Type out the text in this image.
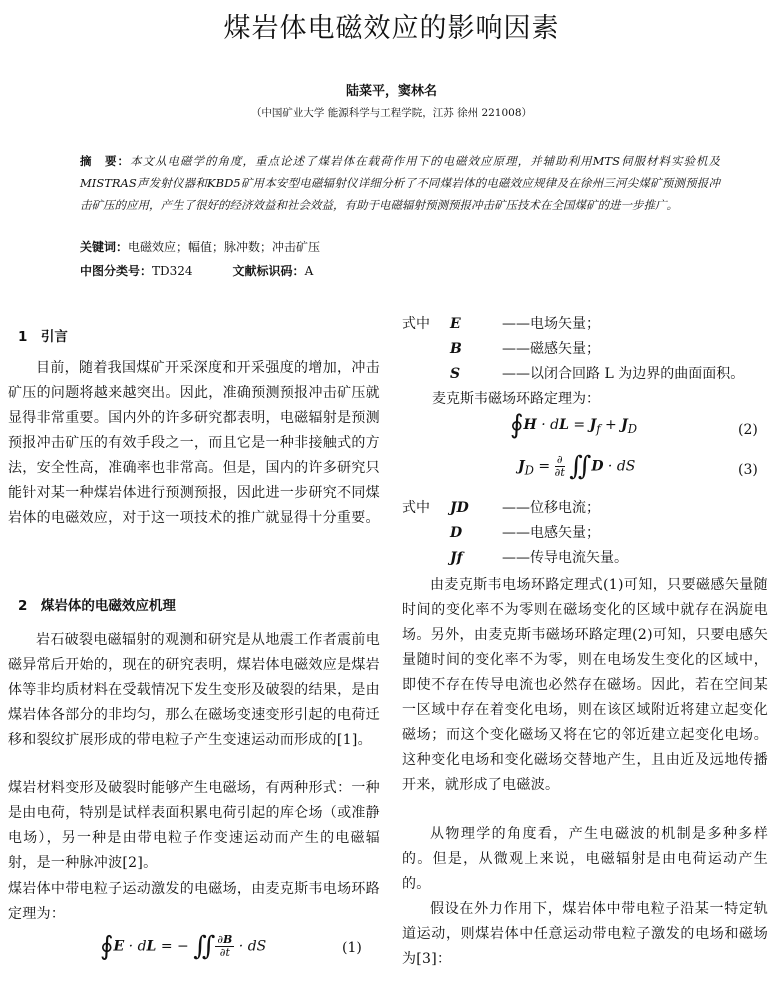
煤岩体电磁效应的影响因素
陆菜平，窦林名
（中国矿业大学 能源科学与工程学院，江苏 徐州 221008）
摘　要：本文从电磁学的角度，重点论述了煤岩体在载荷作用下的电磁效应原理，并辅助利用MTS伺服材料实验机及MISTRAS声发射仪器和KBD5矿用本安型电磁辐射仪详细分析了不同煤岩体的电磁效应规律及在徐州三河尖煤矿预测预报冲击矿压的应用，产生了很好的经济效益和社会效益，有助于电磁辐射预测预报冲击矿压技术在全国煤矿的进一步推广。
关键词：电磁效应；幅值；脉冲数；冲击矿压
中图分类号：TD324	文献标识码：A
1　引言
目前，随着我国煤矿开采深度和开采强度的增加，冲击矿压的问题将越来越突出。因此，准确预测预报冲击矿压就显得非常重要。国内外的许多研究都表明，电磁辐射是预测预报冲击矿压的有效手段之一，而且它是一种非接触式的方法，安全性高，准确率也非常高。但是，国内的许多研究只能针对某一种煤岩体进行预测预报，因此进一步研究不同煤岩体的电磁效应，对于这一项技术的推广就显得十分重要。
2　煤岩体的电磁效应机理
岩石破裂电磁辐射的观测和研究是从地震工作者震前电磁异常后开始的，现在的研究表明，煤岩体电磁效应是煤岩体等非均质材料在受载情况下发生变形及破裂的结果，是由煤岩体各部分的非均匀，那么在磁场变速变形引起的电荷迁移和裂纹扩展形成的带电粒子产生变速运动而形成的[1]。
煤岩材料变形及破裂时能够产生电磁场，有两种形式：一种是由电荷，特别是试样表面积累电荷引起的库仑场（或准静电场），另一种是由带电粒子作变速运动而产生的电磁辐射，是一种脉冲波[2]。
煤岩体中带电粒子运动激发的电磁场，由麦克斯韦电场环路定理为：
∮E · dL = − ∬ $\frac{\partial B}{\partial t}$ · dS	(1)
式中 E	——电场矢量；
B	——磁感矢量；
S	——以闭合回路 L 为边界的曲面面积。
麦克斯韦磁场环路定理为：
∮H · dL = $J_f + J_D$	(2)
$J_D = \frac{\partial}{\partial t}$ ∬D · dS	(3)
式中 JD ——位移电流；
D	——电感矢量；
Jf	——传导电流矢量。
由麦克斯韦电场环路定理式(1)可知，只要磁感矢量随时间的变化率不为零则在磁场变化的区域中就存在涡旋电场。另外，由麦克斯韦磁场环路定理(2)可知，只要电感矢量随时间的变化率不为零，则在电场发生变化的区域中，即使不存在传导电流也必然存在磁场。因此，若在空间某一区域中存在着变化电场，则在该区域附近将建立起变化磁场；而这个变化磁场又将在它的邻近建立起变化电场。这种变化电场和变化磁场交替地产生，且由近及远地传播开来，就形成了电磁波。
从物理学的角度看，产生电磁波的机制是多种多样的。但是，从微观上来说，电磁辐射是由电荷运动产生的。
假设在外力作用下，煤岩体中带电粒子沿某一特定轨道运动，则煤岩体中任意运动带电粒子激发的电场和磁场为[3]：
